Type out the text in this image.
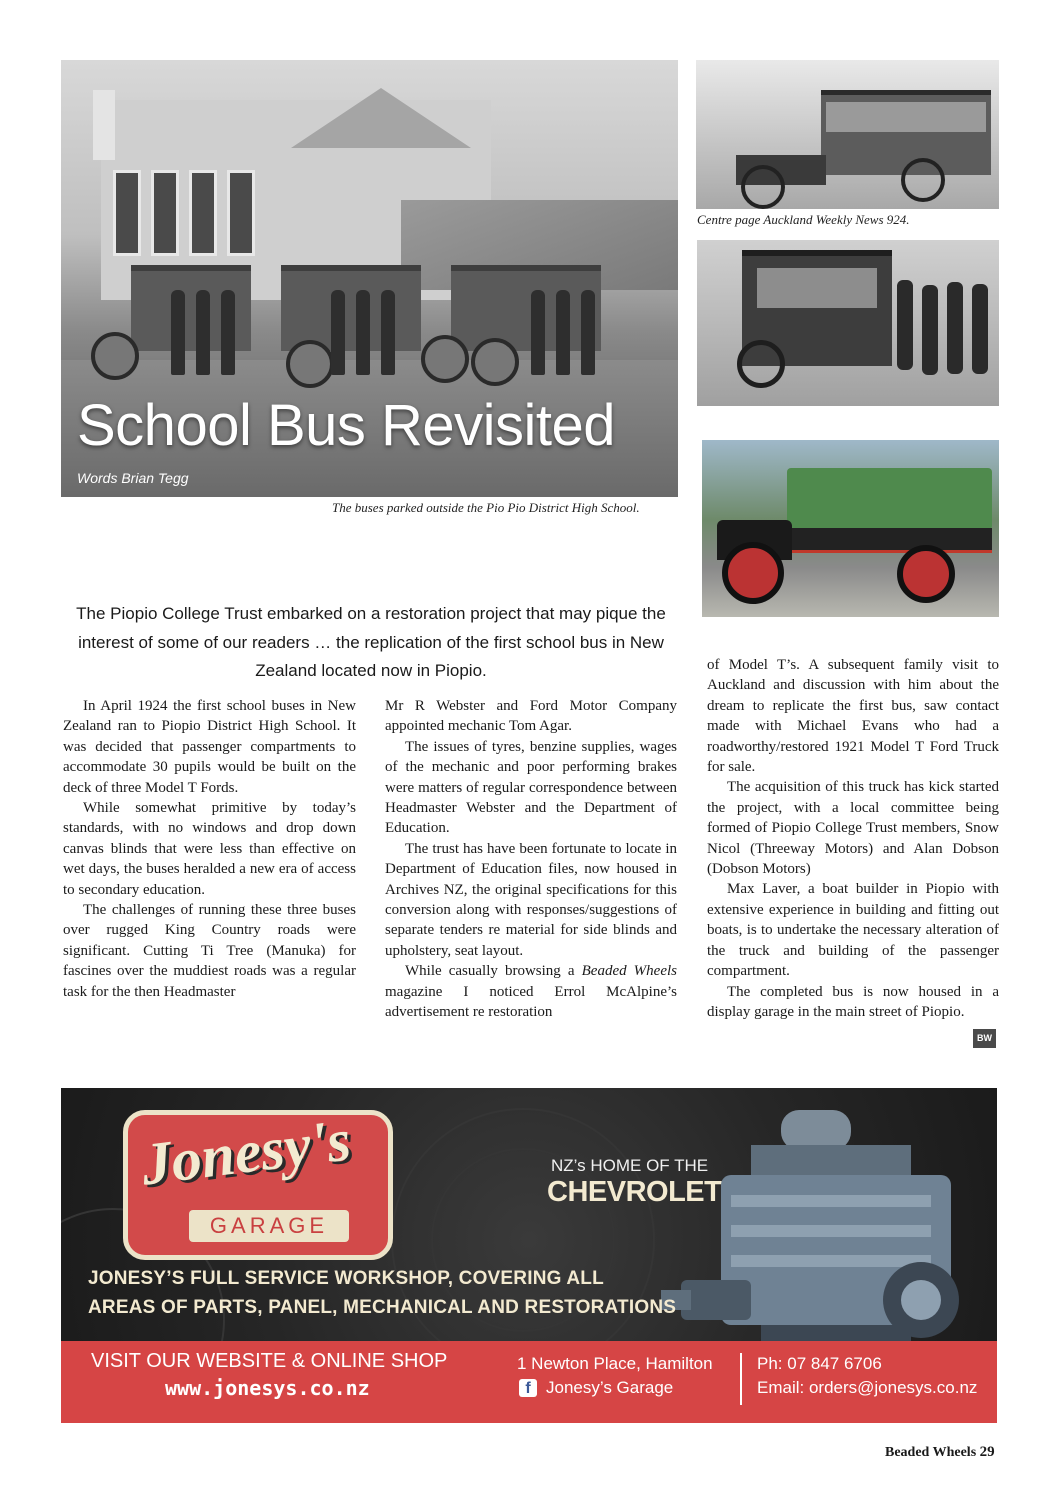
School Bus Revisited
Words Brian Tegg
The buses parked outside the Pio Pio District High School.
Centre page Auckland Weekly News 924.
The Piopio College Trust embarked on a restoration project that may pique the interest of some of our readers … the replication of the first school bus in New Zealand located now in Piopio.

In April 1924 the first school buses in New Zealand ran to Piopio District High School. It was decided that passenger compartments to accommodate 30 pupils would be built on the deck of three Model T Fords.

While somewhat primitive by today’s standards, with no windows and drop down canvas blinds that were less than effective on wet days, the buses heralded a new era of access to secondary education.

The challenges of running these three buses over rugged King Country roads were significant. Cutting Ti Tree (Manuka) for fascines over the muddiest roads was a regular task for the then Headmaster

Mr R Webster and Ford Motor Company appointed mechanic Tom Agar.

The issues of tyres, benzine supplies, wages of the mechanic and poor performing brakes were matters of regular correspondence between Headmaster Webster and the Department of Education.

The trust has have been fortunate to locate in Department of Education files, now housed in Archives NZ, the original specifications for this conversion along with responses/suggestions of separate tenders re material for side blinds and upholstery, seat layout.

While casually browsing a Beaded Wheels magazine I noticed Errol McAlpine’s advertisement re restoration

of Model T’s. A subsequent family visit to Auckland and discussion with him about the dream to replicate the first bus, saw contact made with Michael Evans who had a roadworthy/restored 1921 Model T Ford Truck for sale.

The acquisition of this truck has kick started the project, with a local committee being formed of Piopio College Trust members, Snow Nicol (Threeway Motors) and Alan Dobson (Dobson Motors)

Max Laver, a boat builder in Piopio with extensive experience in building and fitting out boats, is to undertake the necessary alteration of the truck and building of the passenger compartment.

The completed bus is now housed in a display garage in the main street of Piopio.

BW
Jonesy's
GARAGE
NZ’s HOME OF THE
CHEVROLET
JONESY’S FULL SERVICE WORKSHOP, COVERING ALL
AREAS OF PARTS, PANEL, MECHANICAL AND RESTORATIONS
VISIT OUR WEBSITE & ONLINE SHOP
www.jonesys.co.nz
1 Newton Place, Hamilton
f Jonesy’s Garage
Ph: 07 847 6706
Email: orders@jonesys.co.nz
Beaded Wheels 29
